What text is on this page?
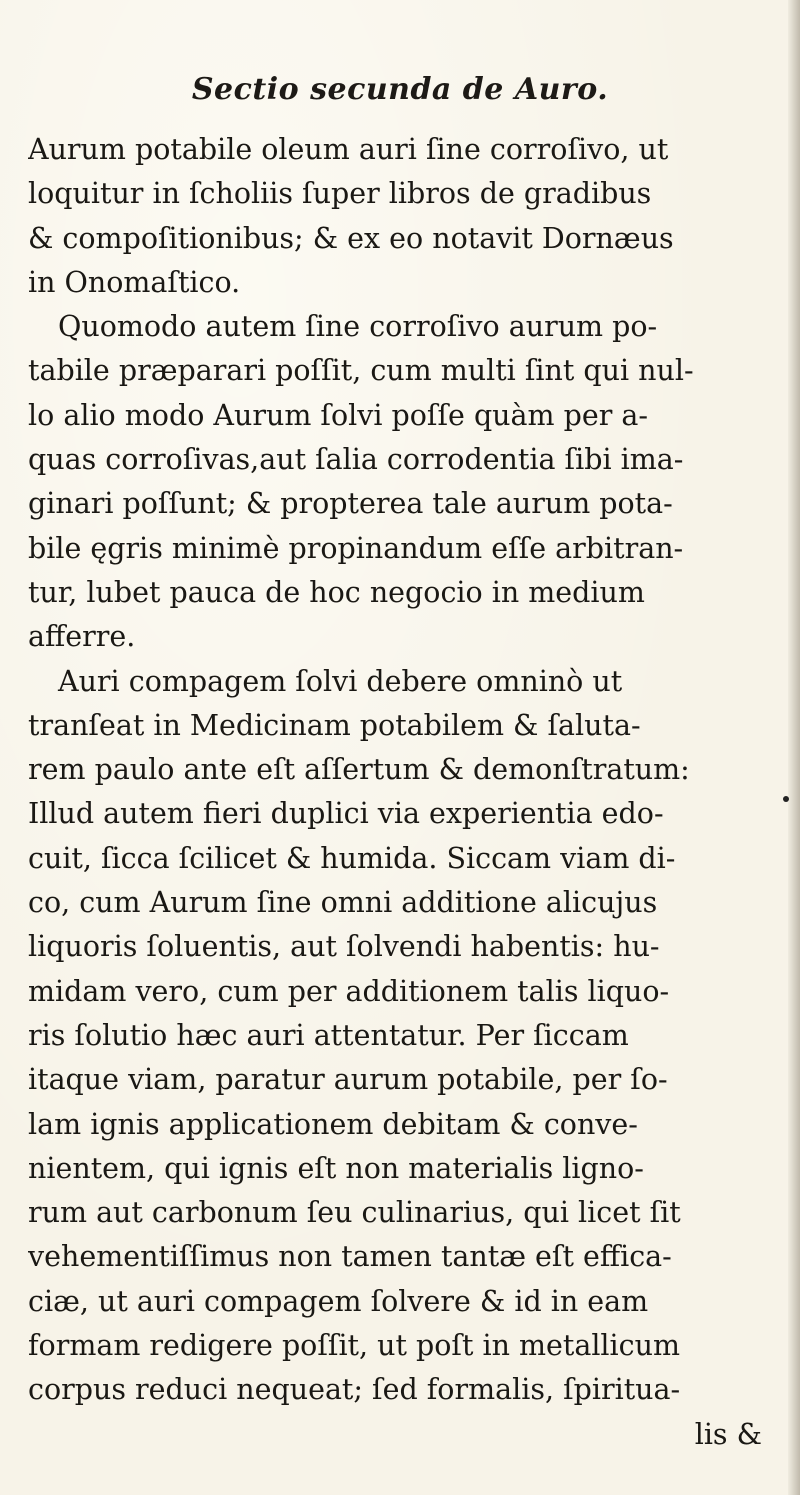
Sectio secunda de Auro.
Aurum potabile oleum auri ſine corroſivo, ut
loquitur in ſcholiis ſuper libros de gradibus
& compoſitionibus; & ex eo notavit Dornæus
in Onomaſtico.
Quomodo autem ſine corroſivo aurum po-
tabile præparari poſſit, cum multi ſint qui nul-
lo alio modo Aurum ſolvi poſſe quàm per a-
quas corroſivas,aut ſalia corrodentia ſibi ima-
ginari poſſunt; & propterea tale aurum pota-
bile ęgris minimè propinandum eſſe arbitran-
tur, lubet pauca de hoc negocio in medium
afferre.
Auri compagem ſolvi debere omninò ut
tranſeat in Medicinam potabilem & ſaluta-
rem paulo ante eſt aſſertum & demonſtratum:
Illud autem fieri duplici via experientia edo-
cuit, ſicca ſcilicet & humida. Siccam viam di-
co, cum Aurum ſine omni additione alicujus
liquoris ſoluentis, aut ſolvendi habentis: hu-
midam vero, cum per additionem talis liquo-
ris ſolutio hæc auri attentatur. Per ſiccam
itaque viam, paratur aurum potabile, per ſo-
lam ignis applicationem debitam & conve-
nientem, qui ignis eſt non materialis ligno-
rum aut carbonum ſeu culinarius, qui licet ſit
vehementiſſimus non tamen tantæ eſt effica-
ciæ, ut auri compagem ſolvere & id in eam
formam redigere poſſit, ut poſt in metallicum
corpus reduci nequeat; ſed formalis, ſpiritua-
lis &
